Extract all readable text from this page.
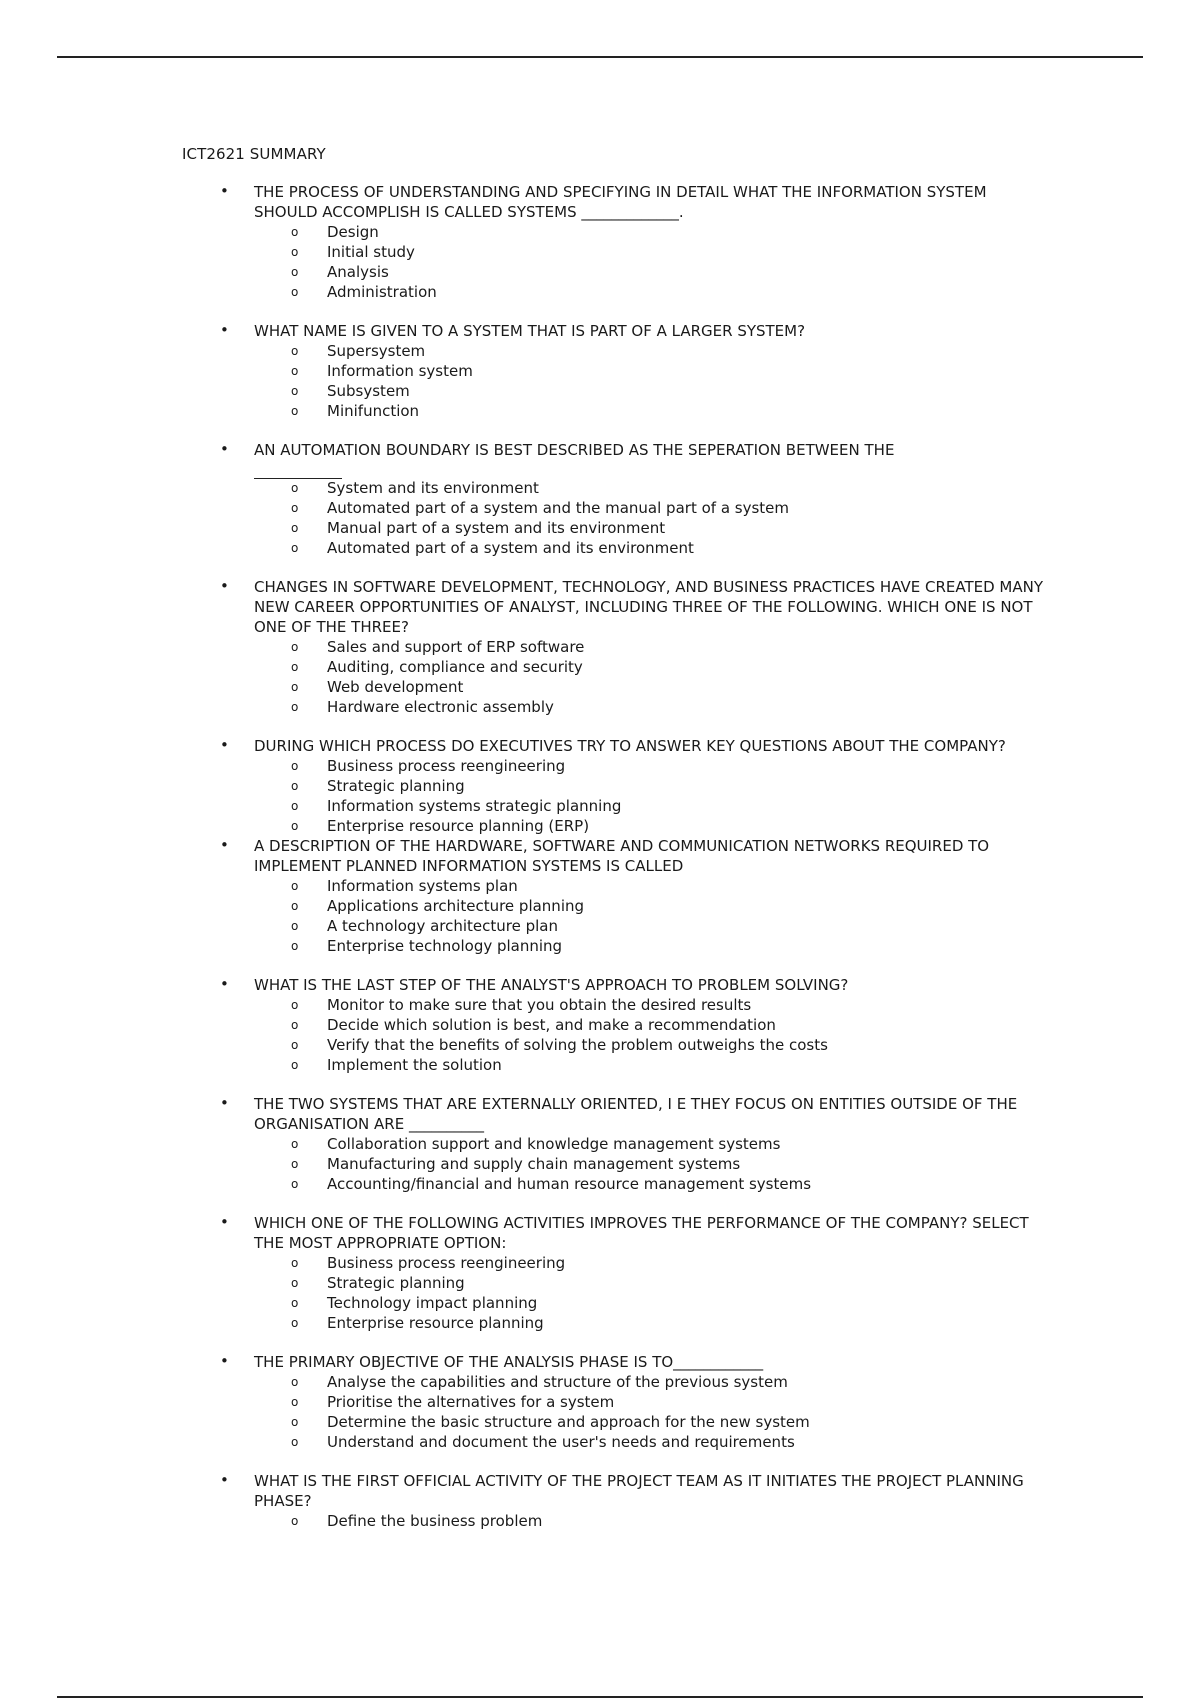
ICT2621 SUMMARY
• THE PROCESS OF UNDERSTANDING AND SPECIFYING IN DETAIL WHAT THE INFORMATION SYSTEM SHOULD ACCOMPLISH IS CALLED SYSTEMS _____________.
o Design
o Initial study
o Analysis
o Administration
• WHAT NAME IS GIVEN TO A SYSTEM THAT IS PART OF A LARGER SYSTEM?
o Supersystem
o Information system
o Subsystem
o Minifunction
• AN AUTOMATION BOUNDARY IS BEST DESCRIBED AS THE SEPERATION BETWEEN THE
o System and its environment
o Automated part of a system and the manual part of a system
o Manual part of a system and its environment
o Automated part of a system and its environment
• CHANGES IN SOFTWARE DEVELOPMENT, TECHNOLOGY, AND BUSINESS PRACTICES HAVE CREATED MANY NEW CAREER OPPORTUNITIES OF ANALYST, INCLUDING THREE OF THE FOLLOWING. WHICH ONE IS NOT ONE OF THE THREE?
o Sales and support of ERP software
o Auditing, compliance and security
o Web development
o Hardware electronic assembly
• DURING WHICH PROCESS DO EXECUTIVES TRY TO ANSWER KEY QUESTIONS ABOUT THE COMPANY?
o Business process reengineering
o Strategic planning
o Information systems strategic planning
o Enterprise resource planning (ERP)
• A DESCRIPTION OF THE HARDWARE, SOFTWARE AND COMMUNICATION NETWORKS REQUIRED TO IMPLEMENT PLANNED INFORMATION SYSTEMS IS CALLED
o Information systems plan
o Applications architecture planning
o A technology architecture plan
o Enterprise technology planning
• WHAT IS THE LAST STEP OF THE ANALYST'S APPROACH TO PROBLEM SOLVING?
o Monitor to make sure that you obtain the desired results
o Decide which solution is best, and make a recommendation
o Verify that the benefits of solving the problem outweighs the costs
o Implement the solution
• THE TWO SYSTEMS THAT ARE EXTERNALLY ORIENTED, I E THEY FOCUS ON ENTITIES OUTSIDE OF THE ORGANISATION ARE __________
o Collaboration support and knowledge management systems
o Manufacturing and supply chain management systems
o Accounting/financial and human resource management systems
• WHICH ONE OF THE FOLLOWING ACTIVITIES IMPROVES THE PERFORMANCE OF THE COMPANY? SELECT THE MOST APPROPRIATE OPTION:
o Business process reengineering
o Strategic planning
o Technology impact planning
o Enterprise resource planning
• THE PRIMARY OBJECTIVE OF THE ANALYSIS PHASE IS TO____________
o Analyse the capabilities and structure of the previous system
o Prioritise the alternatives for a system
o Determine the basic structure and approach for the new system
o Understand and document the user's needs and requirements
• WHAT IS THE FIRST OFFICIAL ACTIVITY OF THE PROJECT TEAM AS IT INITIATES THE PROJECT PLANNING PHASE?
o Define the business problem
